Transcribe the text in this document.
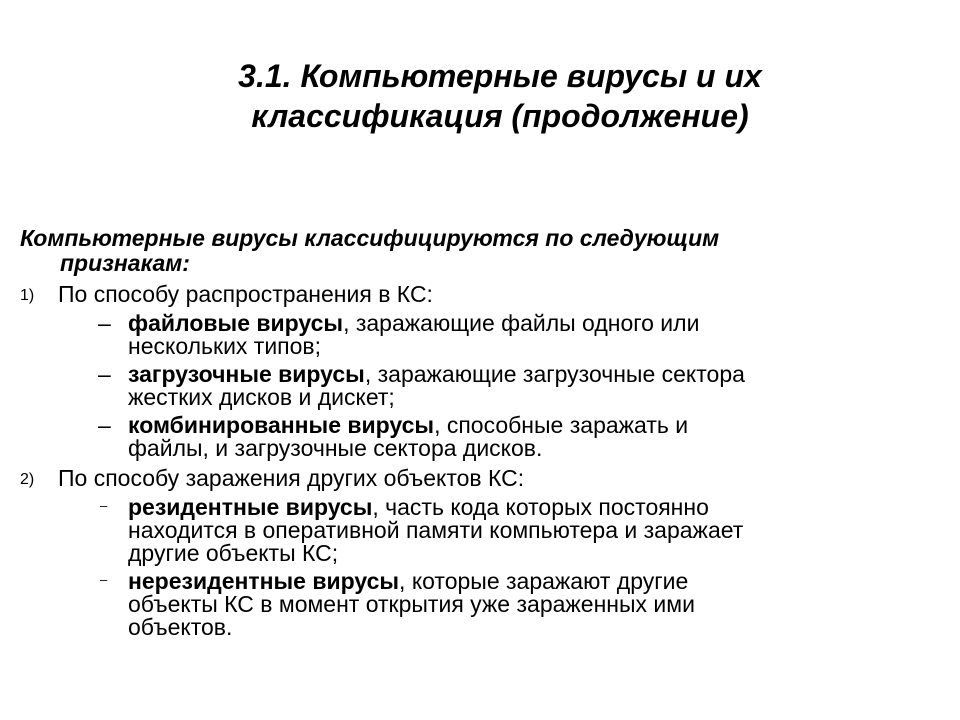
3.1. Компьютерные вирусы и их
классификация (продолжение)

Компьютерные вирусы классифицируются по следующим
признакам:

1) По способу распространения в КС:
– файловые вирусы, заражающие файлы одного или
нескольких типов;
– загрузочные вирусы, заражающие загрузочные сектора
жестких дисков и дискет;
– комбинированные вирусы, способные заражать и
файлы, и загрузочные сектора дисков.
2) По способу заражения других объектов КС:
– резидентные вирусы, часть кода которых постоянно
находится в оперативной памяти компьютера и заражает
другие объекты КС;
– нерезидентные вирусы, которые заражают другие
объекты КС в момент открытия уже зараженных ими
объектов.
